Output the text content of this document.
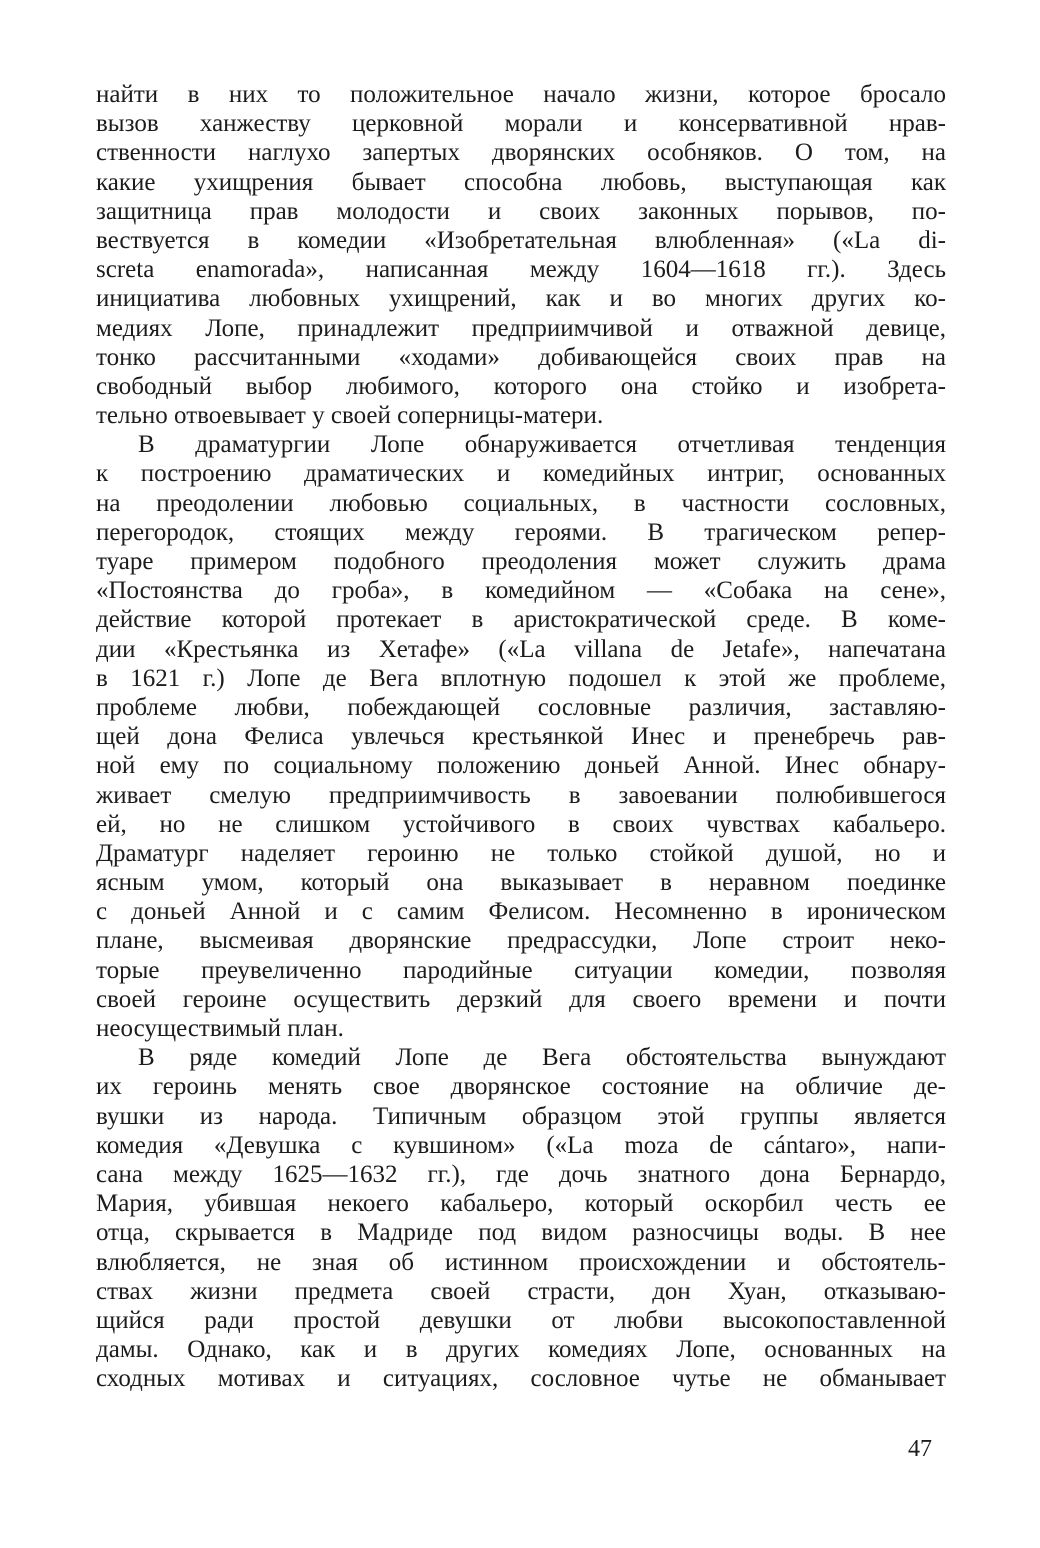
найти в них то положительное начало жизни, которое бросало
вызов ханжеству церковной морали и консервативной нрав-
ственности наглухо запертых дворянских особняков. О том, на
какие ухищрения бывает способна любовь, выступающая как
защитница прав молодости и своих законных порывов, по-
вествуется в комедии «Изобретательная влюбленная» («La di-
screta enamorada», написанная между 1604—1618 гг.). Здесь
инициатива любовных ухищрений, как и во многих других ко-
медиях Лопе, принадлежит предприимчивой и отважной девице,
тонко рассчитанными «ходами» добивающейся своих прав на
свободный выбор любимого, которого она стойко и изобрета-
тельно отвоевывает у своей соперницы-матери.
В драматургии Лопе обнаруживается отчетливая тенденция
к построению драматических и комедийных интриг, основанных
на преодолении любовью социальных, в частности сословных,
перегородок, стоящих между героями. В трагическом репер-
туаре примером подобного преодоления может служить драма
«Постоянства до гроба», в комедийном — «Собака на сене»,
действие которой протекает в аристократической среде. В коме-
дии «Крестьянка из Хетафе» («La villana de Jetafe», напечатана
в 1621 г.) Лопе де Вега вплотную подошел к этой же проблеме,
проблеме любви, побеждающей сословные различия, заставляю-
щей дона Фелиса увлечься крестьянкой Инес и пренебречь рав-
ной ему по социальному положению доньей Анной. Инес обнару-
живает смелую предприимчивость в завоевании полюбившегося
ей, но не слишком устойчивого в своих чувствах кабальеро.
Драматург наделяет героиню не только стойкой душой, но и
ясным умом, который она выказывает в неравном поединке
с доньей Анной и с самим Фелисом. Несомненно в ироническом
плане, высмеивая дворянские предрассудки, Лопе строит неко-
торые преувеличенно пародийные ситуации комедии, позволяя
своей героине осуществить дерзкий для своего времени и почти
неосуществимый план.
В ряде комедий Лопе де Вега обстоятельства вынуждают
их героинь менять свое дворянское состояние на обличие де-
вушки из народа. Типичным образцом этой группы является
комедия «Девушка с кувшином» («La moza de cántaro», напи-
сана между 1625—1632 гг.), где дочь знатного дона Бернардо,
Мария, убившая некоего кабальеро, который оскорбил честь ее
отца, скрывается в Мадриде под видом разносчицы воды. В нее
влюбляется, не зная об истинном происхождении и обстоятель-
ствах жизни предмета своей страсти, дон Хуан, отказываю-
щийся ради простой девушки от любви высокопоставленной
дамы. Однако, как и в других комедиях Лопе, основанных на
сходных мотивах и ситуациях, сословное чутье не обманывает
47
